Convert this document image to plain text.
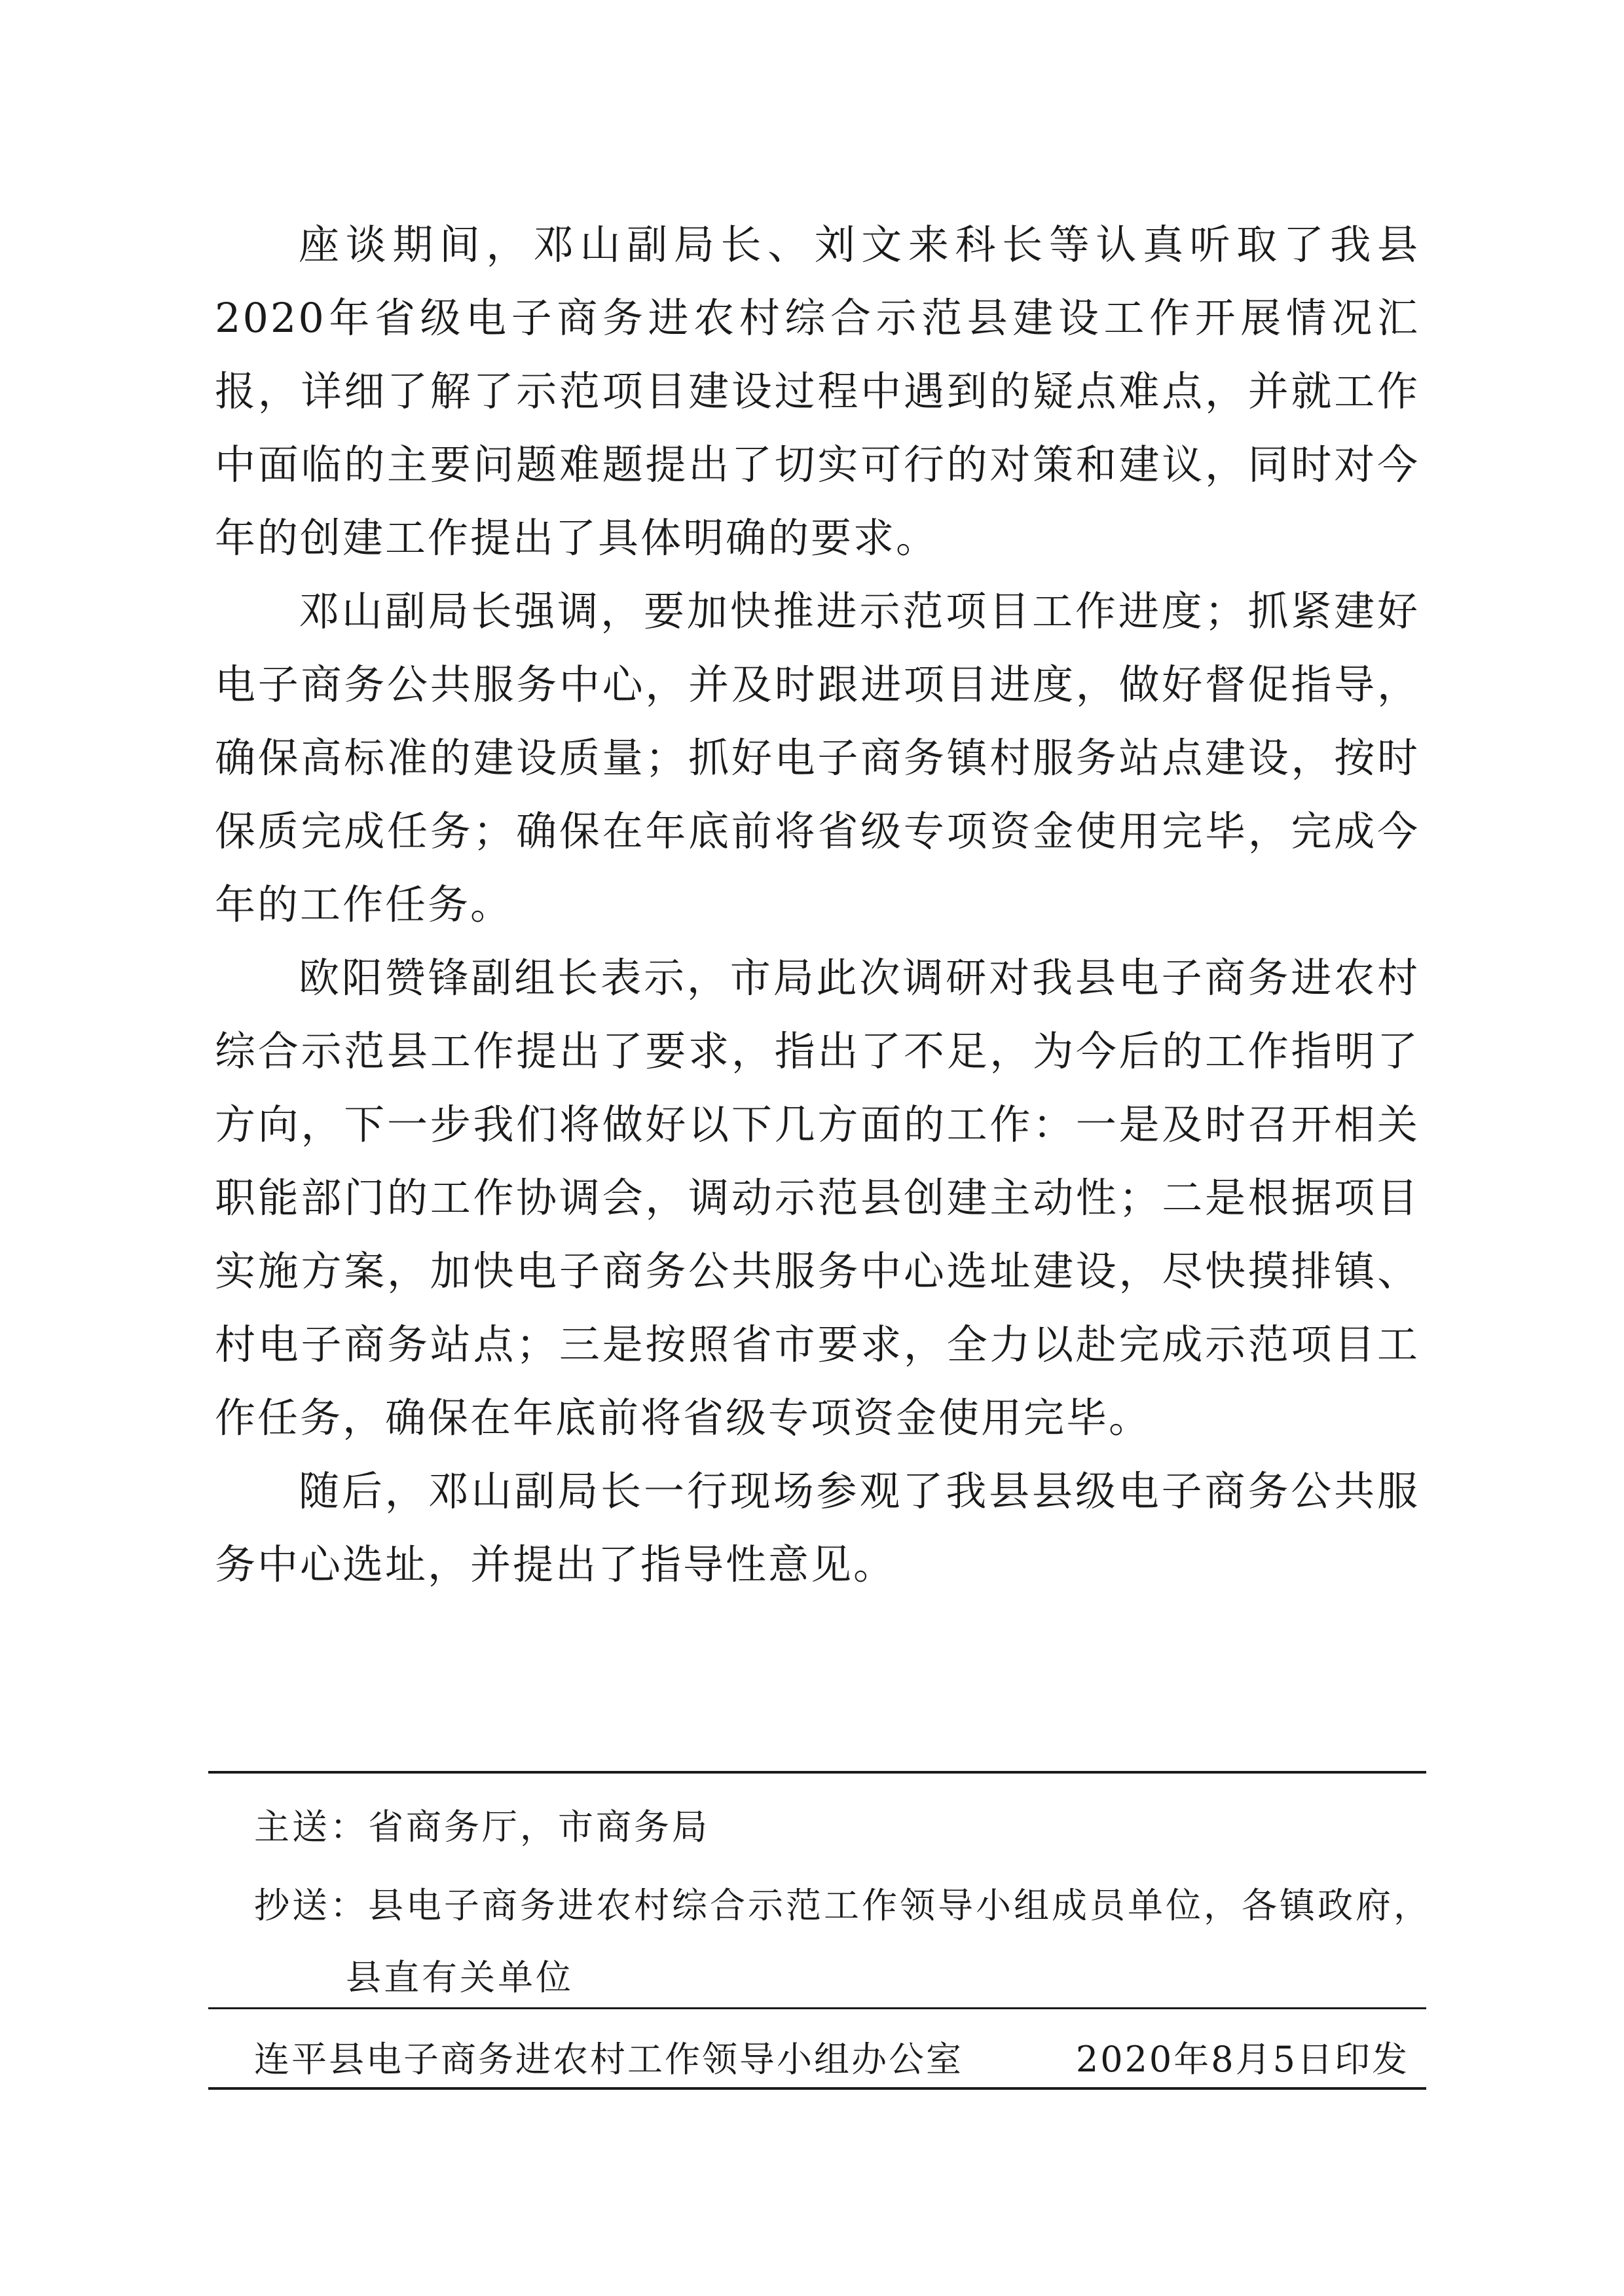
座谈期间，邓山副局长、刘文来科长等认真听取了我县2020年省级电子商务进农村综合示范县建设工作开展情况汇报，详细了解了示范项目建设过程中遇到的疑点难点，并就工作中面临的主要问题难题提出了切实可行的对策和建议，同时对今年的创建工作提出了具体明确的要求。

邓山副局长强调，要加快推进示范项目工作进度；抓紧建好电子商务公共服务中心，并及时跟进项目进度，做好督促指导，确保高标准的建设质量；抓好电子商务镇村服务站点建设，按时保质完成任务；确保在年底前将省级专项资金使用完毕，完成今年的工作任务。

欧阳赞锋副组长表示，市局此次调研对我县电子商务进农村综合示范县工作提出了要求，指出了不足，为今后的工作指明了方向，下一步我们将做好以下几方面的工作：一是及时召开相关职能部门的工作协调会，调动示范县创建主动性；二是根据项目实施方案，加快电子商务公共服务中心选址建设，尽快摸排镇、村电子商务站点；三是按照省市要求，全力以赴完成示范项目工作任务，确保在年底前将省级专项资金使用完毕。

随后，邓山副局长一行现场参观了我县县级电子商务公共服务中心选址，并提出了指导性意见。

主送：省商务厅，市商务局
抄送：县电子商务进农村综合示范工作领导小组成员单位，各镇政府，
县直有关单位
连平县电子商务进农村工作领导小组办公室	2020年8月5日印发
